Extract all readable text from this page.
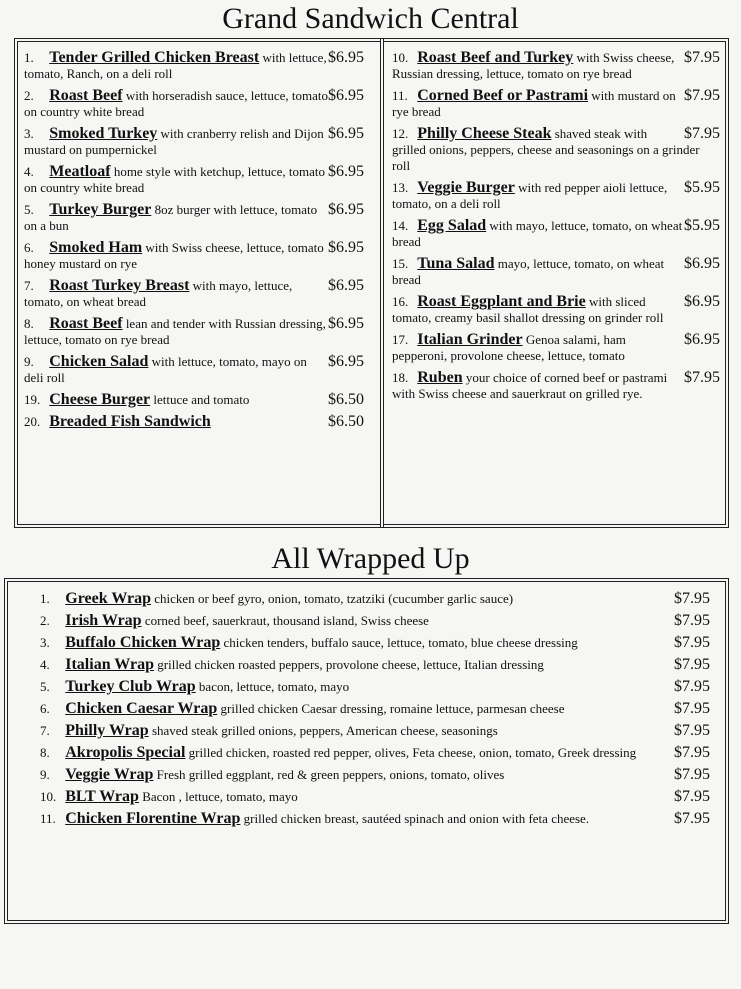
Grand Sandwich Central
$6.95
1. Tender Grilled Chicken Breast with lettuce, tomato, Ranch, on a deli roll
$6.95
2. Roast Beef with horseradish sauce, lettuce, tomato on country white bread
$6.95
3. Smoked Turkey with cranberry relish and Dijon mustard on pumpernickel
$6.95
4. Meatloaf home style with ketchup, lettuce, tomato on country white bread
$6.95
5. Turkey Burger 8oz burger with lettuce, tomato on a bun
$6.95
6. Smoked Ham with Swiss cheese, lettuce, tomato honey mustard on rye
$6.95
7. Roast Turkey Breast with mayo, lettuce, tomato, on wheat bread
$6.95
8. Roast Beef lean and tender with Russian dressing, lettuce, tomato on rye bread
$6.95
9. Chicken Salad with lettuce, tomato, mayo on deli roll
$6.50
19. Cheese Burger lettuce and tomato
$6.50
20. Breaded Fish Sandwich
$7.95
10. Roast Beef and Turkey with Swiss cheese, Russian dressing, lettuce, tomato on rye bread
$7.95
11. Corned Beef or Pastrami with mustard on rye bread
$7.95
12. Philly Cheese Steak shaved steak with grilled onions, peppers, cheese and seasonings on a grinder roll
$5.95
13. Veggie Burger with red pepper aioli lettuce, tomato, on a deli roll
$5.95
14. Egg Salad with mayo, lettuce, tomato, on wheat bread
$6.95
15. Tuna Salad mayo, lettuce, tomato, on wheat bread
$6.95
16. Roast Eggplant and Brie with sliced tomato, creamy basil shallot dressing on grinder roll
$6.95
17. Italian Grinder Genoa salami, ham pepperoni, provolone cheese, lettuce, tomato
$7.95
18. Ruben your choice of corned beef or pastrami with Swiss cheese and sauerkraut on grilled rye.
All Wrapped Up
$7.95
1. Greek Wrap chicken or beef gyro, onion, tomato, tzatziki (cucumber garlic sauce)
$7.95
2. Irish Wrap corned beef, sauerkraut, thousand island, Swiss cheese
$7.95
3. Buffalo Chicken Wrap chicken tenders, buffalo sauce, lettuce, tomato, blue cheese dressing
$7.95
4. Italian Wrap grilled chicken roasted peppers, provolone cheese, lettuce, Italian dressing
$7.95
5. Turkey Club Wrap bacon, lettuce, tomato, mayo
$7.95
6. Chicken Caesar Wrap grilled chicken Caesar dressing, romaine lettuce, parmesan cheese
$7.95
7. Philly Wrap shaved steak grilled onions, peppers, American cheese, seasonings
$7.95
8. Akropolis Special grilled chicken, roasted red pepper, olives, Feta cheese, onion, tomato, Greek dressing
$7.95
9. Veggie Wrap Fresh grilled eggplant, red & green peppers, onions, tomato, olives
$7.95
10. BLT Wrap Bacon , lettuce, tomato, mayo
$7.95
11. Chicken Florentine Wrap grilled chicken breast, sautéed spinach and onion with feta cheese.
